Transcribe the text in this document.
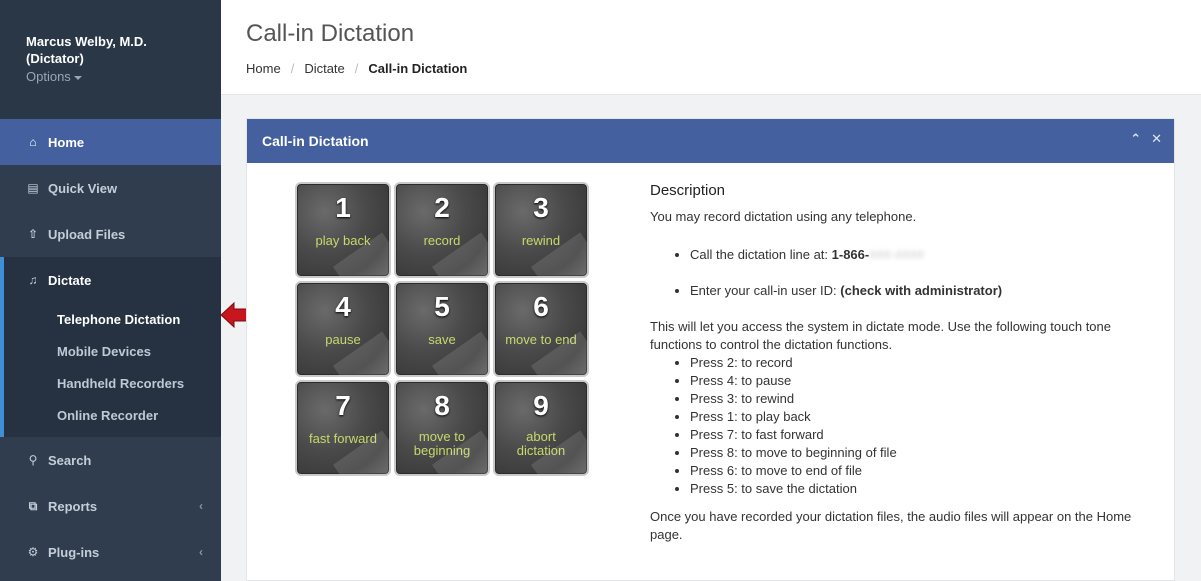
Marcus Welby, M.D.
(Dictator)
Options
⌂ Home
▤ Quick View
⇧ Upload Files
♫ Dictate
Telephone Dictation
Mobile Devices
Handheld Recorders
Online Recorder
⚲ Search
⧉ Reports	‹
⚙ Plug-ins	‹
Call-in Dictation
Home / Dictate / Call-in Dictation
Call-in Dictation	⌃ ✕
1
play back
2
record
3
rewind
4
pause
5
save
6
move to end
7
fast forward
8
move to beginning
9
abort dictation
Description

You may record dictation using any telephone.

• Call the dictation line at: 1-866-###-####
• Enter your call-in user ID: (check with administrator)

This will let you access the system in dictate mode. Use the following touch tone functions to control the dictation functions.

• Press 2: to record
• Press 4: to pause
• Press 3: to rewind
• Press 1: to play back
• Press 7: to fast forward
• Press 8: to move to beginning of file
• Press 6: to move to end of file
• Press 5: to save the dictation

Once you have recorded your dictation files, the audio files will appear on the Home page.
